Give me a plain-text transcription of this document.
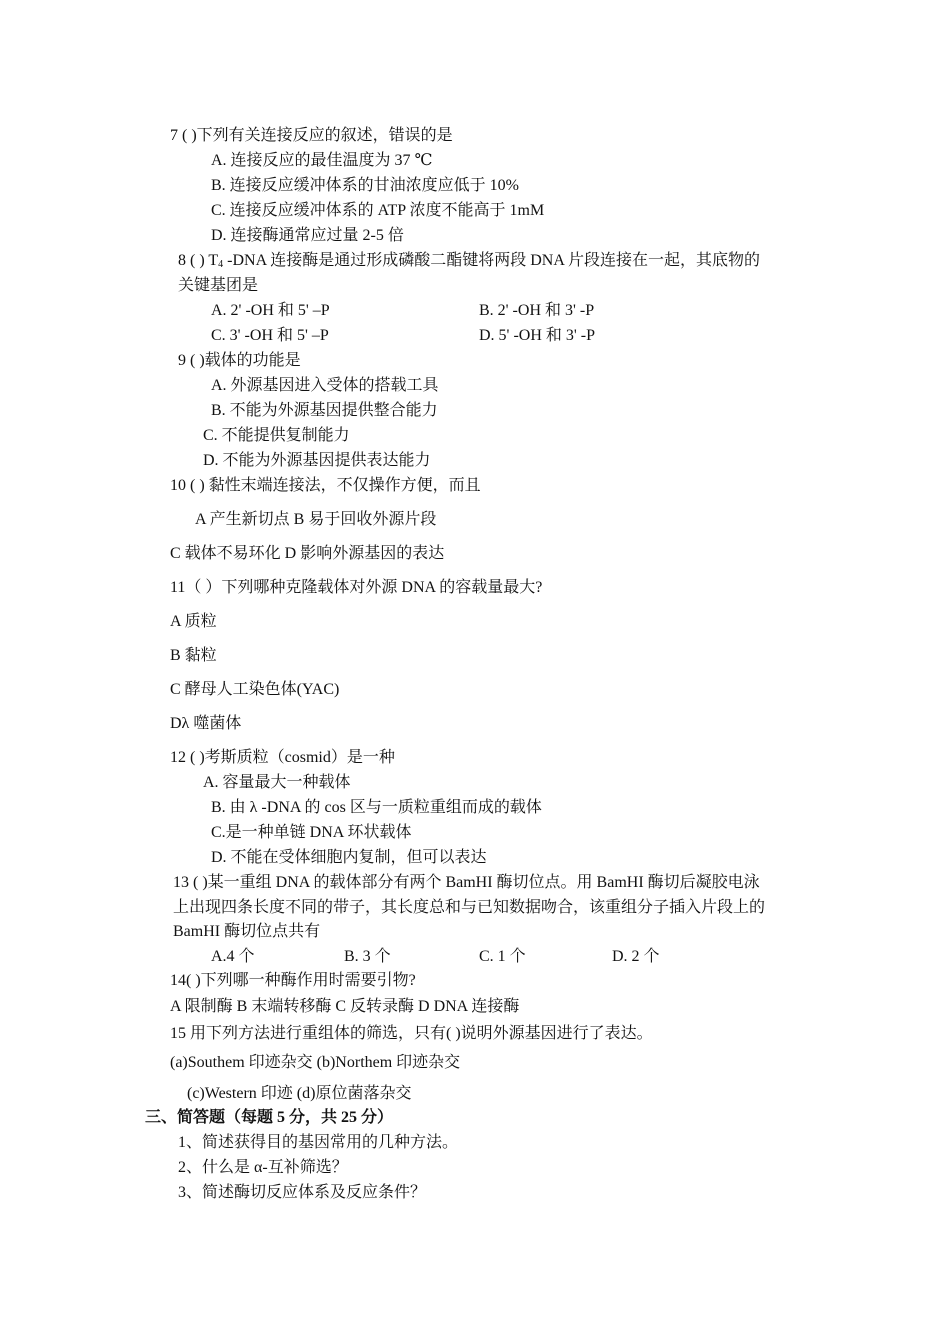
7 ( )下列有关连接反应的叙述，错误的是
A. 连接反应的最佳温度为 37 ℃
B. 连接反应缓冲体系的甘油浓度应低于 10%
C. 连接反应缓冲体系的 ATP 浓度不能高于 1mM
D. 连接酶通常应过量 2-5 倍
8 ( ) $T_4$ -DNA 连接酶是通过形成磷酸二酯键将两段 DNA 片段连接在一起，其底物的
关键基团是
A. 2' -OH 和 5' –P	B. 2' -OH 和 3' -P
C. 3' -OH 和 5' –P	D. 5' -OH 和 3' -P
9 ( )载体的功能是
A. 外源基因进入受体的搭载工具
B. 不能为外源基因提供整合能力
C. 不能提供复制能力
D. 不能为外源基因提供表达能力
10 ( ) 黏性末端连接法，不仅操作方便，而且
A 产生新切点 B 易于回收外源片段
C 载体不易环化 D 影响外源基因的表达
11（ ）下列哪种克隆载体对外源 DNA 的容载量最大?
A 质粒
B 黏粒
C 酵母人工染色体(YAC)
Dλ 噬菌体
12 ( )考斯质粒（cosmid）是一种
A. 容量最大一种载体
B. 由 λ -DNA 的 cos 区与一质粒重组而成的载体
C.是一种单链 DNA 环状载体
D. 不能在受体细胞内复制，但可以表达
13 ( )某一重组 DNA 的载体部分有两个 BamHI 酶切位点。用 BamHI 酶切后凝胶电泳
上出现四条长度不同的带子，其长度总和与已知数据吻合，该重组分子插入片段上的
BamHI 酶切位点共有
A.4 个	B. 3 个	C. 1 个	D. 2 个
14( )下列哪一种酶作用时需要引物?
A 限制酶 B 末端转移酶 C 反转录酶 D DNA 连接酶
15 用下列方法进行重组体的筛选，只有( )说明外源基因进行了表达。
(a)Southem 印迹杂交 (b)Northem 印迹杂交
(c)Western 印迹 (d)原位菌落杂交
三、简答题（每题 5 分，共 25 分）
1、简述获得目的基因常用的几种方法。
2、什么是 α-互补筛选？
3、简述酶切反应体系及反应条件？
